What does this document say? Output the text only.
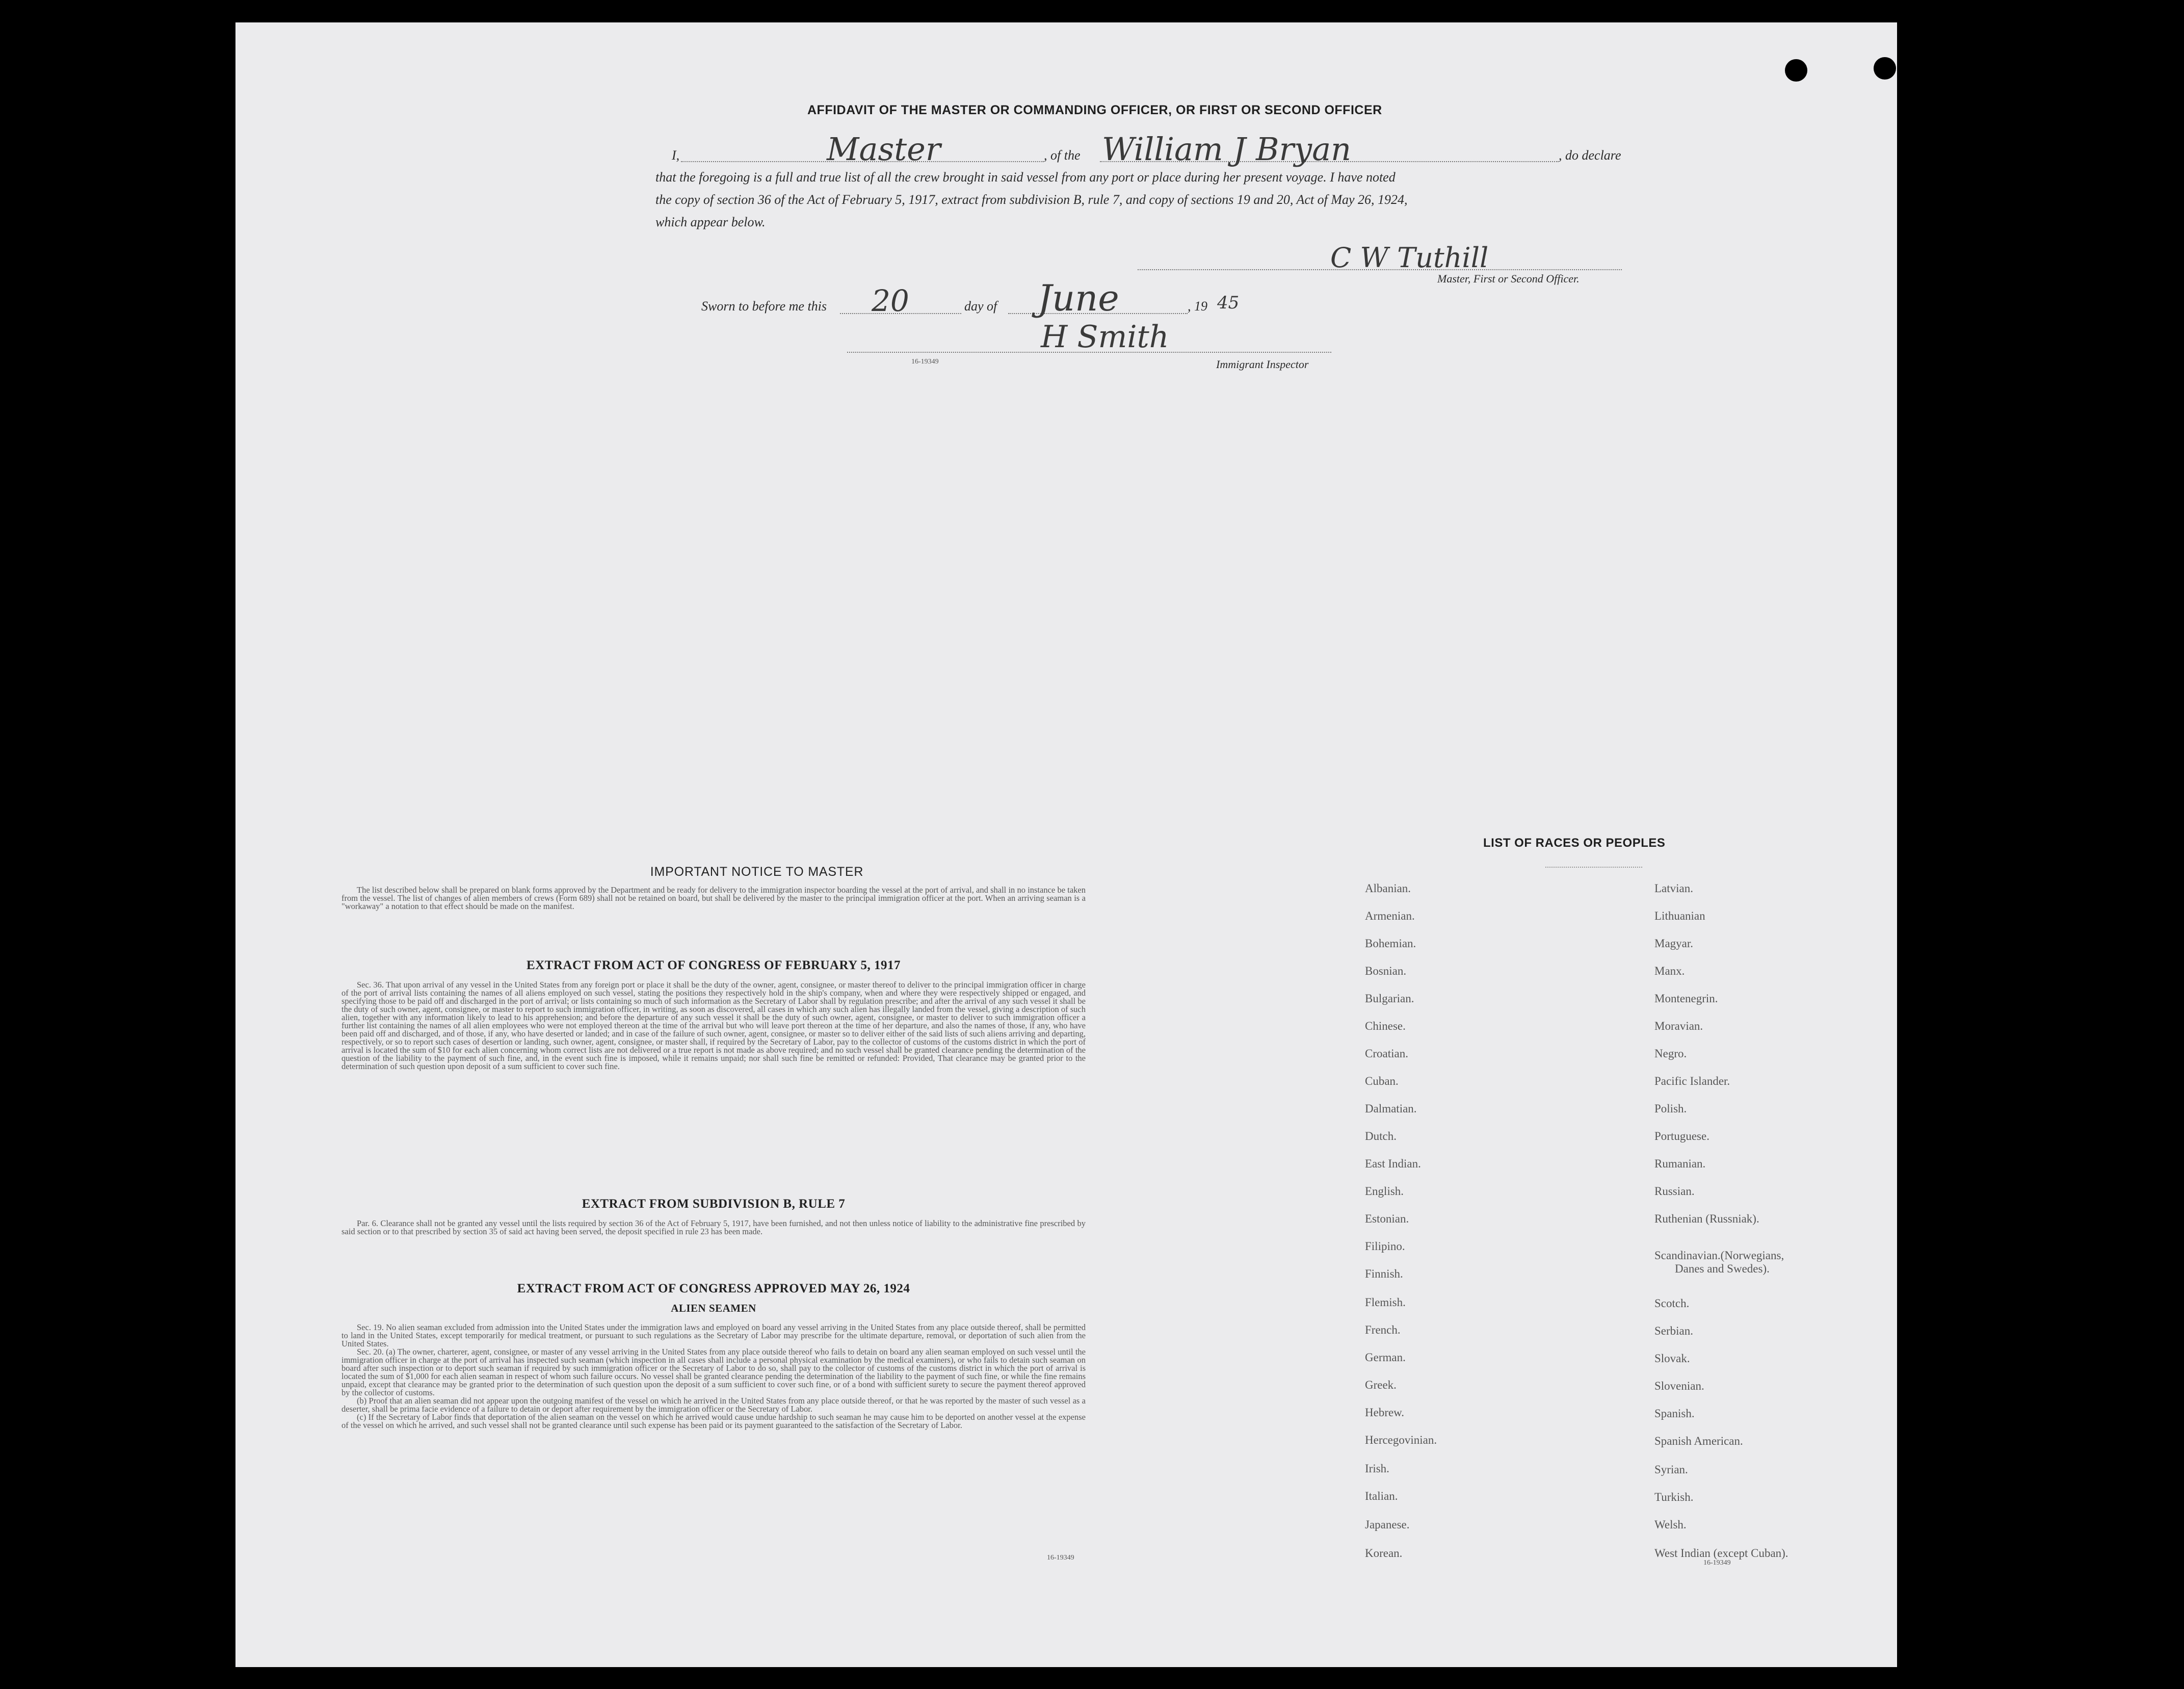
AFFIDAVIT OF THE MASTER OR COMMANDING OFFICER, OR FIRST OR SECOND OFFICER
I,	Master	, of the William J Bryan	, do declare
that the foregoing is a full and true list of all the crew brought in said vessel from any port or place during her present voyage. I have noted
the copy of section 36 of the Act of February 5, 1917, extract from subdivision B, rule 7, and copy of sections 19 and 20, Act of May 26, 1924,
which appear below.
C W Tuthill
Master, First or Second Officer.
Sworn to before me this 20	day of June	, 19 45
H Smith
16-19349	Immigrant Inspector
IMPORTANT NOTICE TO MASTER
The list described below shall be prepared on blank forms approved by the Department and be ready for delivery to the immigration inspector boarding the vessel at the port of arrival, and shall in no instance be taken from the vessel. The list of changes of alien members of crews (Form 689) shall not be retained on board, but shall be delivered by the master to the principal immigration officer at the port. When an arriving seaman is a "workaway" a notation to that effect should be made on the manifest.
EXTRACT FROM ACT OF CONGRESS OF FEBRUARY 5, 1917
Sec. 36. That upon arrival of any vessel in the United States from any foreign port or place it shall be the duty of the owner, agent, consignee, or master thereof to deliver to the principal immigration officer in charge of the port of arrival lists containing the names of all aliens employed on such vessel, stating the positions they respectively hold in the ship's company, when and where they were respectively shipped or engaged, and specifying those to be paid off and discharged in the port of arrival; or lists containing so much of such information as the Secretary of Labor shall by regulation prescribe; and after the arrival of any such vessel it shall be the duty of such owner, agent, consignee, or master to report to such immigration officer, in writing, as soon as discovered, all cases in which any such alien has illegally landed from the vessel, giving a description of such alien, together with any information likely to lead to his apprehension; and before the departure of any such vessel it shall be the duty of such owner, agent, consignee, or master to deliver to such immigration officer a further list containing the names of all alien employees who were not employed thereon at the time of the arrival but who will leave port thereon at the time of her departure, and also the names of those, if any, who have been paid off and discharged, and of those, if any, who have deserted or landed; and in case of the failure of such owner, agent, consignee, or master so to deliver either of the said lists of such aliens arriving and departing, respectively, or so to report such cases of desertion or landing, such owner, agent, consignee, or master shall, if required by the Secretary of Labor, pay to the collector of customs of the customs district in which the port of arrival is located the sum of $10 for each alien concerning whom correct lists are not delivered or a true report is not made as above required; and no such vessel shall be granted clearance pending the determination of the question of the liability to the payment of such fine, and, in the event such fine is imposed, while it remains unpaid; nor shall such fine be remitted or refunded: Provided, That clearance may be granted prior to the determination of such question upon deposit of a sum sufficient to cover such fine.
EXTRACT FROM SUBDIVISION B, RULE 7
Par. 6. Clearance shall not be granted any vessel until the lists required by section 36 of the Act of February 5, 1917, have been furnished, and not then unless notice of liability to the administrative fine prescribed by said section or to that prescribed by section 35 of said act having been served, the deposit specified in rule 23 has been made.
EXTRACT FROM ACT OF CONGRESS APPROVED MAY 26, 1924
ALIEN SEAMEN
Sec. 19. No alien seaman excluded from admission into the United States under the immigration laws and employed on board any vessel arriving in the United States from any place outside thereof, shall be permitted to land in the United States, except temporarily for medical treatment, or pursuant to such regulations as the Secretary of Labor may prescribe for the ultimate departure, removal, or deportation of such alien from the United States.
Sec. 20. (a) The owner, charterer, agent, consignee, or master of any vessel arriving in the United States from any place outside thereof who fails to detain on board any alien seaman employed on such vessel until the immigration officer in charge at the port of arrival has inspected such seaman (which inspection in all cases shall include a personal physical examination by the medical examiners), or who fails to detain such seaman on board after such inspection or to deport such seaman if required by such immigration officer or the Secretary of Labor to do so, shall pay to the collector of customs of the customs district in which the port of arrival is located the sum of $1,000 for each alien seaman in respect of whom such failure occurs. No vessel shall be granted clearance pending the determination of the liability to the payment of such fine, or while the fine remains unpaid, except that clearance may be granted prior to the determination of such question upon the deposit of a sum sufficient to cover such fine, or of a bond with sufficient surety to secure the payment thereof approved by the collector of customs.
(b) Proof that an alien seaman did not appear upon the outgoing manifest of the vessel on which he arrived in the United States from any place outside thereof, or that he was reported by the master of such vessel as a deserter, shall be prima facie evidence of a failure to detain or deport after requirement by the immigration officer or the Secretary of Labor.
(c) If the Secretary of Labor finds that deportation of the alien seaman on the vessel on which he arrived would cause undue hardship to such seaman he may cause him to be deported on another vessel at the expense of the vessel on which he arrived, and such vessel shall not be granted clearance until such expense has been paid or its payment guaranteed to the satisfaction of the Secretary of Labor.
16-19349
LIST OF RACES OR PEOPLES
Albanian.
Armenian.
Bohemian.
Bosnian.
Bulgarian.
Chinese.
Croatian.
Cuban.
Dalmatian.
Dutch.
East Indian.
English.
Estonian.
Filipino.
Finnish.
Flemish.
French.
German.
Greek.
Hebrew.
Hercegovinian.
Irish.
Italian.
Japanese.
Korean.
Latvian.
Lithuanian
Magyar.
Manx.
Montenegrin.
Moravian.
Negro.
Pacific Islander.
Polish.
Portuguese.
Rumanian.
Russian.
Ruthenian (Russniak).
Scandinavian.(Norwegians,
Danes and Swedes).
Scotch.
Serbian.
Slovak.
Slovenian.
Spanish.
Spanish American.
Syrian.
Turkish.
Welsh.
West Indian (except Cuban).
16-19349
